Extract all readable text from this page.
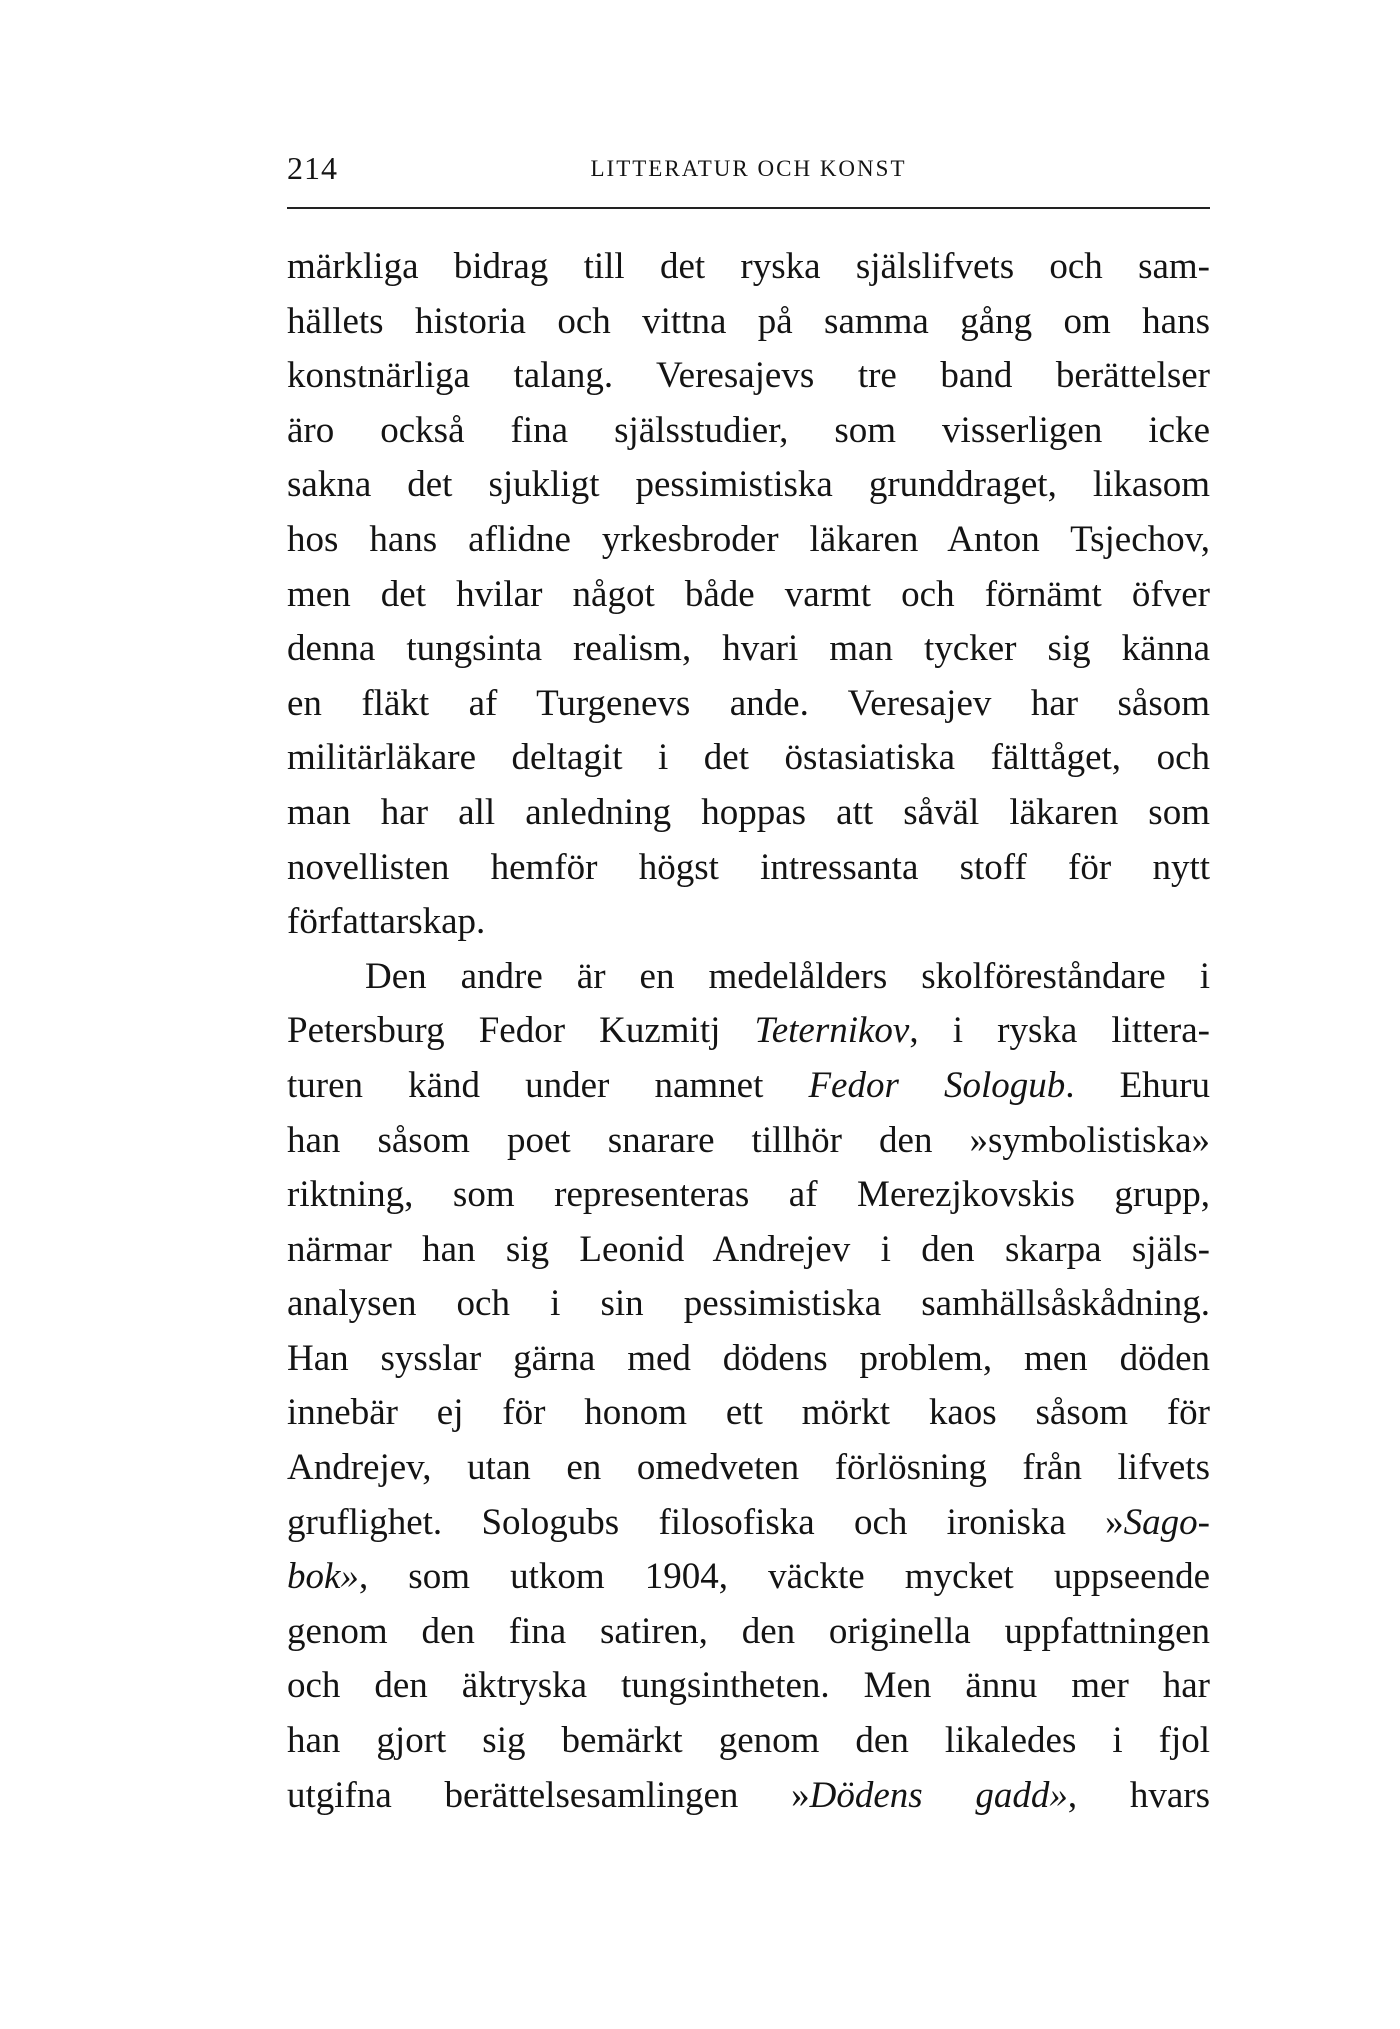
214	LITTERATUR OCH KONST
märkliga bidrag till det ryska själslifvets och sam-
hällets historia och vittna på samma gång om hans
konstnärliga talang. Veresajevs tre band berättelser
äro också fina själsstudier, som visserligen icke
sakna det sjukligt pessimistiska grunddraget, likasom
hos hans aflidne yrkesbroder läkaren Anton Tsjechov,
men det hvilar något både varmt och förnämt öfver
denna tungsinta realism, hvari man tycker sig känna
en fläkt af Turgenevs ande. Veresajev har såsom
militärläkare deltagit i det östasiatiska fälttåget, och
man har all anledning hoppas att såväl läkaren som
novellisten hemför högst intressanta stoff för nytt
författarskap.
Den andre är en medelålders skolföreståndare i
Petersburg Fedor Kuzmitj Teternikov, i ryska littera-
turen känd under namnet Fedor Sologub. Ehuru
han såsom poet snarare tillhör den »symbolistiska»
riktning, som representeras af Merezjkovskis grupp,
närmar han sig Leonid Andrejev i den skarpa själs-
analysen och i sin pessimistiska samhällsåskådning.
Han sysslar gärna med dödens problem, men döden
innebär ej för honom ett mörkt kaos såsom för
Andrejev, utan en omedveten förlösning från lifvets
gruflighet. Sologubs filosofiska och ironiska »Sago-
bok», som utkom 1904, väckte mycket uppseende
genom den fina satiren, den originella uppfattningen
och den äktryska tungsintheten. Men ännu mer har
han gjort sig bemärkt genom den likaledes i fjol
utgifna berättelsesamlingen »Dödens gadd», hvars
